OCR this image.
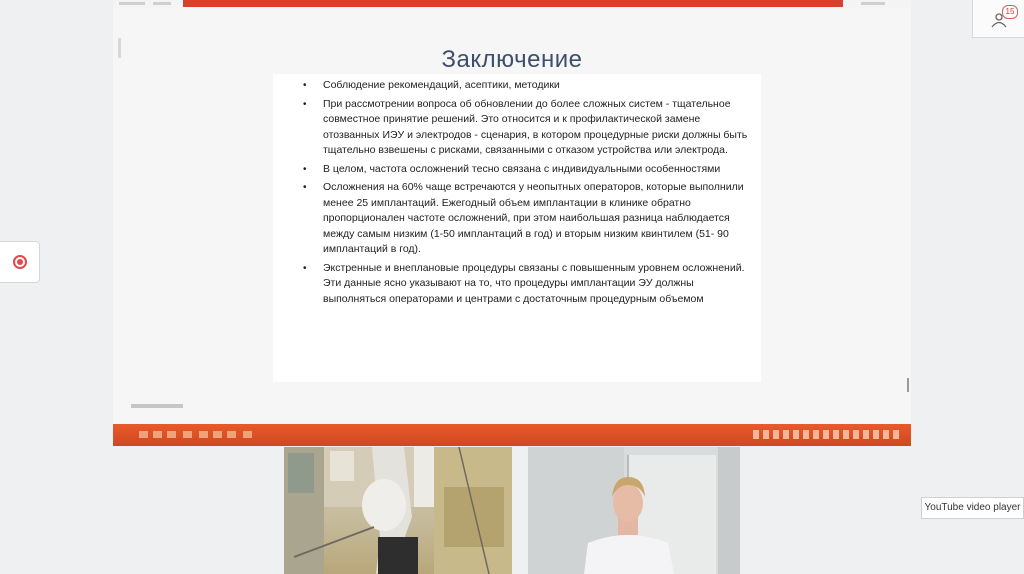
Заключение
• Соблюдение рекомендаций, асептики, методики
• При рассмотрении вопроса об обновлении до более сложных систем - тщательное совместное принятие решений. Это относится и к профилактической замене отозванных ИЭУ и электродов - сценария, в котором процедурные риски должны быть тщательно взвешены с рисками, связанными с отказом устройства или электрода.
• В целом, частота осложнений тесно связана с индивидуальными особенностями
• Осложнения на 60% чаще встречаются у неопытных операторов, которые выполнили менее 25 имплантаций. Ежегодный объем имплантации в клинике обратно пропорционален частоте осложнений, при этом наибольшая разница наблюдается между самым низким (1-50 имплантаций в год) и вторым низким квинтилем (51- 90 имплантаций в год).
• Экстренные и внеплановые процедуры связаны с повышенным уровнем осложнений. Эти данные ясно указывают на то, что процедуры имплантации ЭУ должны выполняться операторами и центрами с достаточным процедурным объемом
15
YouTube video player
